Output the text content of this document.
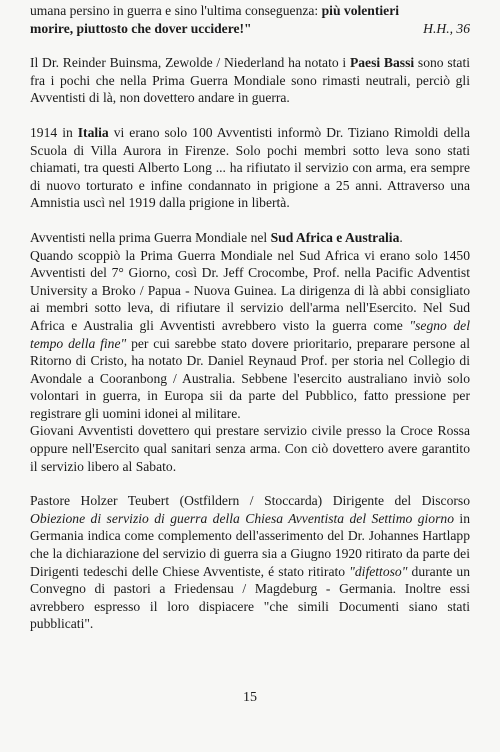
umana persino in guerra e sino l'ultima conseguenza: più volentieri
morire, piuttosto che dover uccidere!"	H.H., 36

Il Dr. Reinder Buinsma, Zewolde / Niederland ha notato i Paesi Bassi sono stati fra i pochi che nella Prima Guerra Mondiale sono rimasti neutrali, perciò gli Avventisti di là, non dovettero andare in guerra.

1914 in Italia vi erano solo 100 Avventisti informò Dr. Tiziano Rimoldi della Scuola di Villa Aurora in Firenze. Solo pochi membri sotto leva sono stati chiamati, tra questi Alberto Long ... ha rifiutato il servizio con arma, era sempre di nuovo torturato e infine condannato in prigione a 25 anni. Attraverso una Amnistia uscì nel 1919 dalla prigione in libertà.

Avventisti nella prima Guerra Mondiale nel Sud Africa e Australia.

Quando scoppiò la Prima Guerra Mondiale nel Sud Africa vi erano solo 1450 Avventisti del 7° Giorno, così Dr. Jeff Crocombe, Prof. nella Pacific Adventist University a Broko / Papua - Nuova Guinea. La dirigenza di là abbi consigliato ai membri sotto leva, di rifiutare il servizio dell'arma nell'Esercito. Nel Sud Africa e Australia gli Avventisti avrebbero visto la guerra come "segno del tempo della fine" per cui sarebbe stato dovere prioritario, preparare persone al Ritorno di Cristo, ha notato Dr. Daniel Reynaud Prof. per storia nel Collegio di Avondale a Cooranbong / Australia. Sebbene l'esercito australiano inviò solo volontari in guerra, in Europa sii da parte del Pubblico, fatto pressione per registrare gli uomini idonei al militare.

Giovani Avventisti dovettero qui prestare servizio civile presso la Croce Rossa oppure nell'Esercito qual sanitari senza arma. Con ciò dovettero avere garantito il servizio libero al Sabato.

Pastore Holzer Teubert (Ostfildern / Stoccarda) Dirigente del Discorso Obiezione di servizio di guerra della Chiesa Avventista del Settimo giorno in Germania indica come complemento dell'asserimento del Dr. Johannes Hartlapp che la dichiarazione del servizio di guerra sia a Giugno 1920 ritirato da parte dei Dirigenti tedeschi delle Chiese Avventiste, é stato ritirato "difettoso" durante un Convegno di pastori a Friedensau / Magdeburg - Germania. Inoltre essi avrebbero espresso il loro dispiacere "che simili Documenti siano stati pubblicati".

15
